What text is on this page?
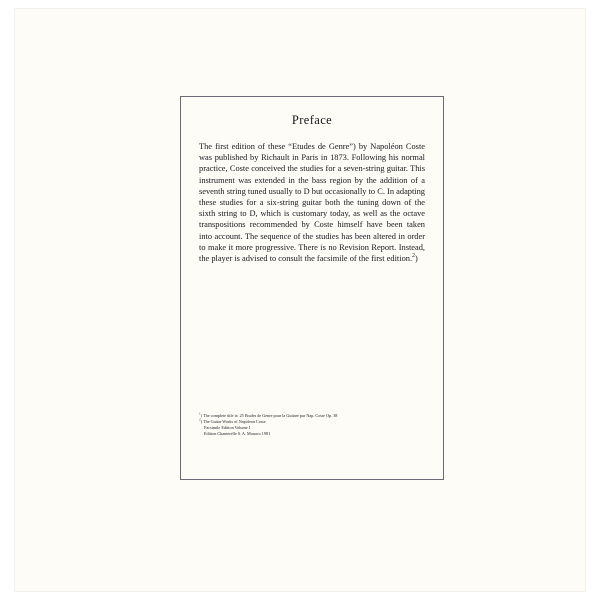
Preface

The first edition of these “Etudes de Genre”) by Napoléon Coste was published by Richault in Paris in 1873. Following his normal practice, Coste conceived the studies for a seven-string guitar. This instrument was extended in the bass region by the addition of a seventh string tuned usually to D but occasionally to C. In adapting these studies for a six-string guitar both the tuning down of the sixth string to D, which is customary today, as well as the octave transpositions recommended by Coste himself have been taken into account. The sequence of the studies has been altered in order to make it more progressive. There is no Revision Report. Instead, the player is advised to consult the facsimile of the first edition.$^2$)

$^1$) The complete title is: 25 Etudes de Genre pour la Guitare par Nap. Coste Op. 38
$^2$) The Guitar Works of Napoleon Coste
Facsimile Edition Volume I
Edition Chanterelle S. A. Monaco 1981
